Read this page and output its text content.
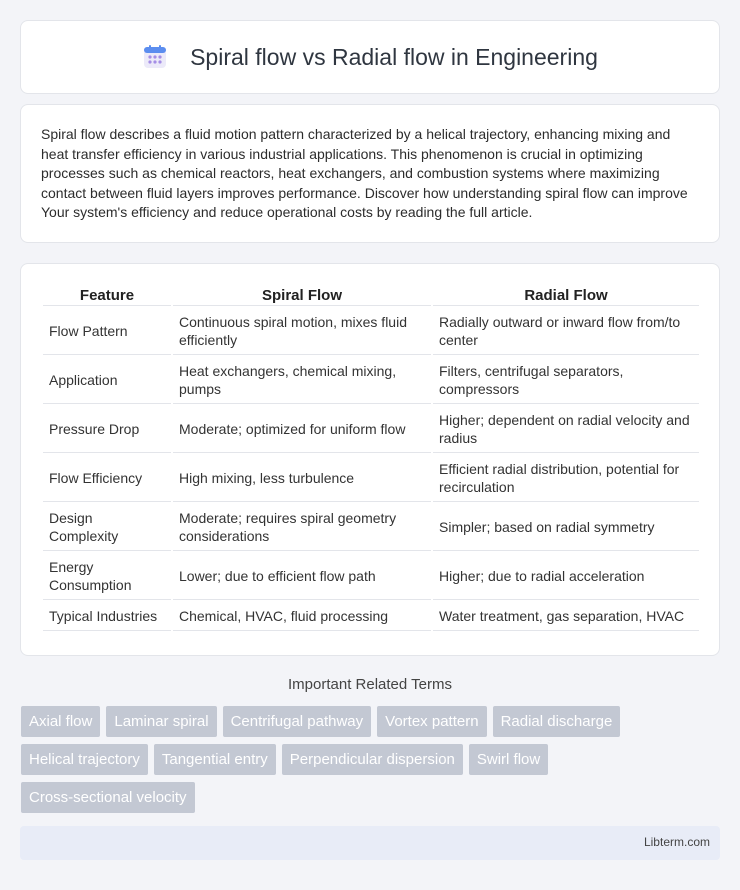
Spiral flow vs Radial flow in Engineering

Spiral flow describes a fluid motion pattern characterized by a helical trajectory, enhancing mixing and heat transfer efficiency in various industrial applications. This phenomenon is crucial in optimizing processes such as chemical reactors, heat exchangers, and combustion systems where maximizing contact between fluid layers improves performance. Discover how understanding spiral flow can improve Your system's efficiency and reduce operational costs by reading the full article.

Feature	Spiral Flow	Radial Flow
Flow Pattern	Continuous spiral motion, mixes fluid efficiently	Radially outward or inward flow from/to center
Application	Heat exchangers, chemical mixing, pumps	Filters, centrifugal separators, compressors
Pressure Drop	Moderate; optimized for uniform flow	Higher; dependent on radial velocity and radius
Flow Efficiency	High mixing, less turbulence	Efficient radial distribution, potential for recirculation
Design Complexity	Moderate; requires spiral geometry considerations	Simpler; based on radial symmetry
Energy Consumption	Lower; due to efficient flow path	Higher; due to radial acceleration
Typical Industries	Chemical, HVAC, fluid processing	Water treatment, gas separation, HVAC
Important Related Terms
Axial flow	Laminar spiral	Centrifugal pathway	Vortex pattern	Radial discharge
Helical trajectory	Tangential entry	Perpendicular dispersion	Swirl flow
Cross-sectional velocity
Libterm.com
